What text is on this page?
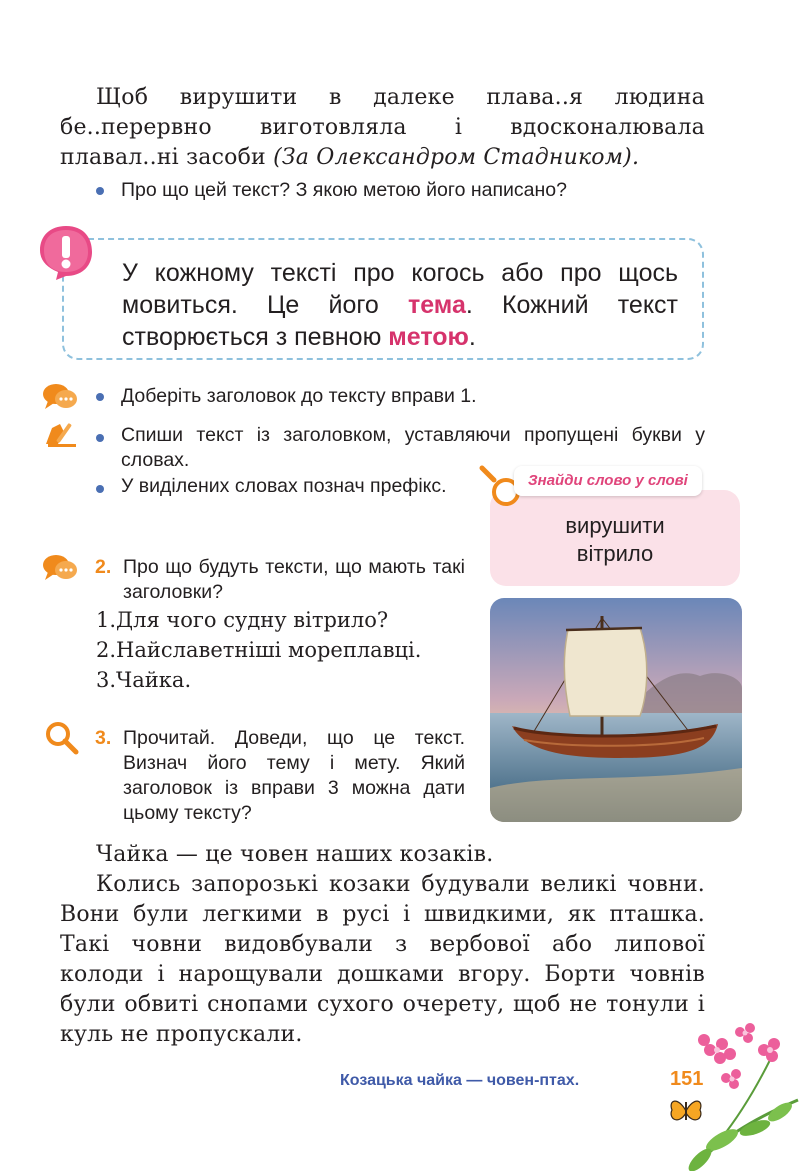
Щоб вирушити в далеке плава..я людина бе..перервно виготовляла і вдосконалювала плавал..ні засоби (За Олександром Стадником).
Про що цей текст? З якою метою його написано?
У кожному тексті про когось або про щось мовиться. Це його тема. Кожний текст створюється з певною метою.
Доберіть заголовок до тексту вправи 1.
Спиши текст із заголовком, уставляючи пропущені букви у словах.
У виділених словах познач префікс.	Знайди слово у слові
вирушити
вітрило
2. Про що будуть тексти, що мають такі заголовки?
1.Для чого судну вітрило?
2.Найславетніші мореплавці.
3.Чайка.
3. Прочитай. Доведи, що це текст. Визнач його тему і мету. Який заголовок із вправи 3 можна дати цьому тексту?

Чайка — це човен наших козаків.

Колись запорозькі козаки будували великі човни. Вони були легкими в русі і швидкими, як пташка. Такі човни видовбували з вербової або липової колоди і нарощували дошками вгору. Борти човнів були обвиті снопами сухого очерету, щоб не тонули і куль не пропускали.

Козацька чайка — човен-птах.	151
